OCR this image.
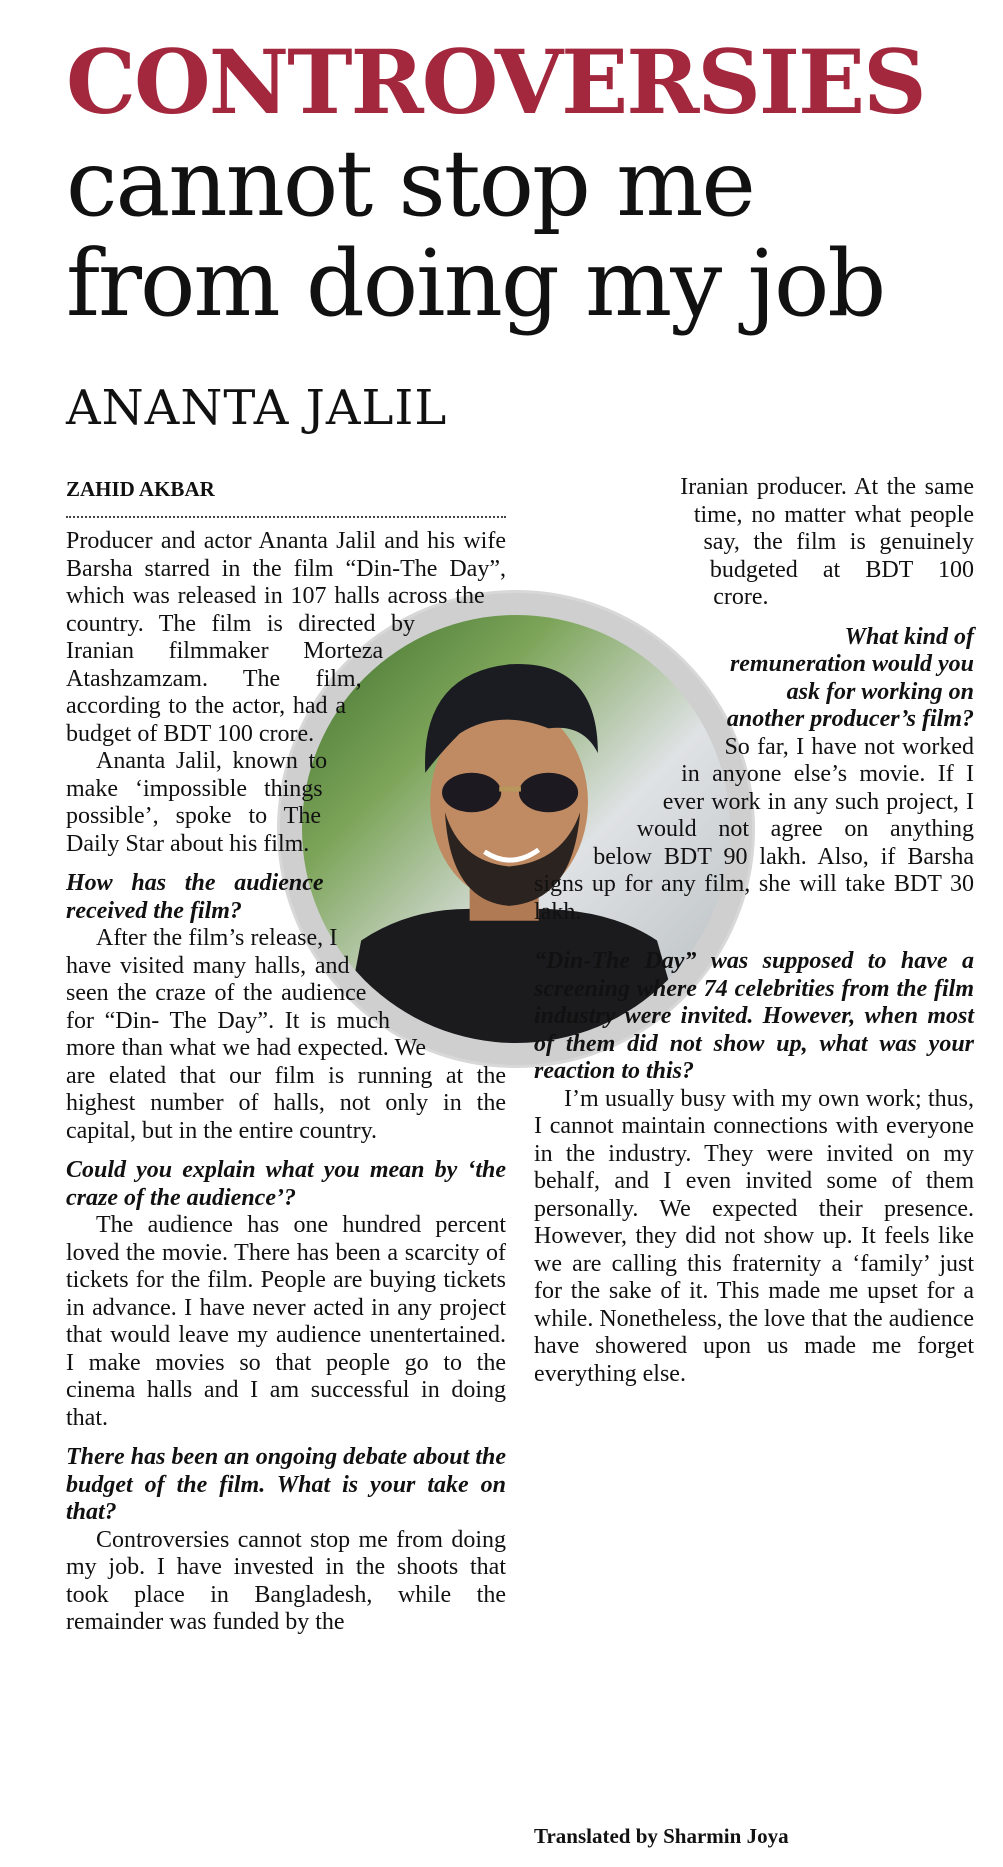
CONTROVERSIES
cannot stop me
from doing my job
ANANTA JALIL
ZAHID AKBAR

Producer and actor Ananta Jalil and his wife Barsha starred in the film “Din-The Day”, which was released in 107 halls across the country. The film is directed by Iranian filmmaker Morteza Atashzamzam. The film, according to the actor, had a budget of BDT 100 crore.

Ananta Jalil, known to make ‘impossible things possible’, spoke to The Daily Star about his film.

How has the audience received the film?

After the film’s release, I have visited many halls, and seen the craze of the audience for “Din- The Day”. It is much more than what we had expected. We are elated that our film is running at the highest number of halls, not only in the capital, but in the entire country.

Could you explain what you mean by ‘the craze of the audience’?

The audience has one hundred percent loved the movie. There has been a scarcity of tickets for the film. People are buying tickets in advance. I have never acted in any project that would leave my audience unentertained. I make movies so that people go to the cinema halls and I am successful in doing that.

There has been an ongoing debate about the budget of the film. What is your take on that?

Controversies cannot stop me from doing my job. I have invested in the shoots that took place in Bangladesh, while the remainder was funded by the

Iranian producer. At the same time, no matter what people say, the film is genuinely budgeted at BDT 100 crore.

What kind of remuneration would you ask for working on another producer’s film?

So far, I have not worked in anyone else’s movie. If I ever work in any such project, I would not agree on anything below BDT 90 lakh. Also, if Barsha signs up for any film, she will take BDT 30 lakh.

“Din-The Day” was supposed to have a screening where 74 celebrities from the film industry were invited. However, when most of them did not show up, what was your reaction to this?

I’m usually busy with my own work; thus, I cannot maintain connections with everyone in the industry. They were invited on my behalf, and I even invited some of them personally. We expected their presence. However, they did not show up. It feels like we are calling this fraternity a ‘family’ just for the sake of it. This made me upset for a while. Nonetheless, the love that the audience have showered upon us made me forget everything else.

Translated by Sharmin Joya
